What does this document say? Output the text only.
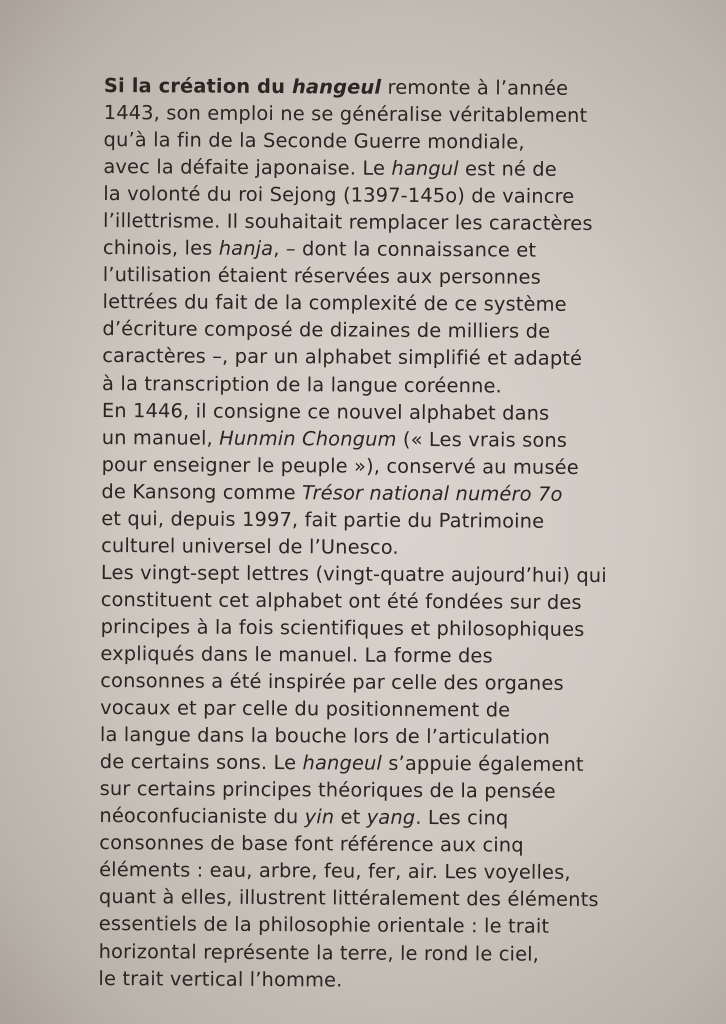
Si la création du hangeul remonte à l’année
1443, son emploi ne se généralise véritablement
qu’à la fin de la Seconde Guerre mondiale,
avec la défaite japonaise. Le hangul est né de
la volonté du roi Sejong (1397-145o) de vaincre
l’illettrisme. Il souhaitait remplacer les caractères
chinois, les hanja, – dont la connaissance et
l’utilisation étaient réservées aux personnes
lettrées du fait de la complexité de ce système
d’écriture composé de dizaines de milliers de
caractères –, par un alphabet simplifié et adapté
à la transcription de la langue coréenne.
En 1446, il consigne ce nouvel alphabet dans
un manuel, Hunmin Chongum (« Les vrais sons
pour enseigner le peuple »), conservé au musée
de Kansong comme Trésor national numéro 7o
et qui, depuis 1997, fait partie du Patrimoine
culturel universel de l’Unesco.
Les vingt-sept lettres (vingt-quatre aujourd’hui) qui
constituent cet alphabet ont été fondées sur des
principes à la fois scientifiques et philosophiques
expliqués dans le manuel. La forme des
consonnes a été inspirée par celle des organes
vocaux et par celle du positionnement de
la langue dans la bouche lors de l’articulation
de certains sons. Le hangeul s’appuie également
sur certains principes théoriques de la pensée
néoconfucianiste du yin et yang. Les cinq
consonnes de base font référence aux cinq
éléments : eau, arbre, feu, fer, air. Les voyelles,
quant à elles, illustrent littéralement des éléments
essentiels de la philosophie orientale : le trait
horizontal représente la terre, le rond le ciel,
le trait vertical l’homme.
